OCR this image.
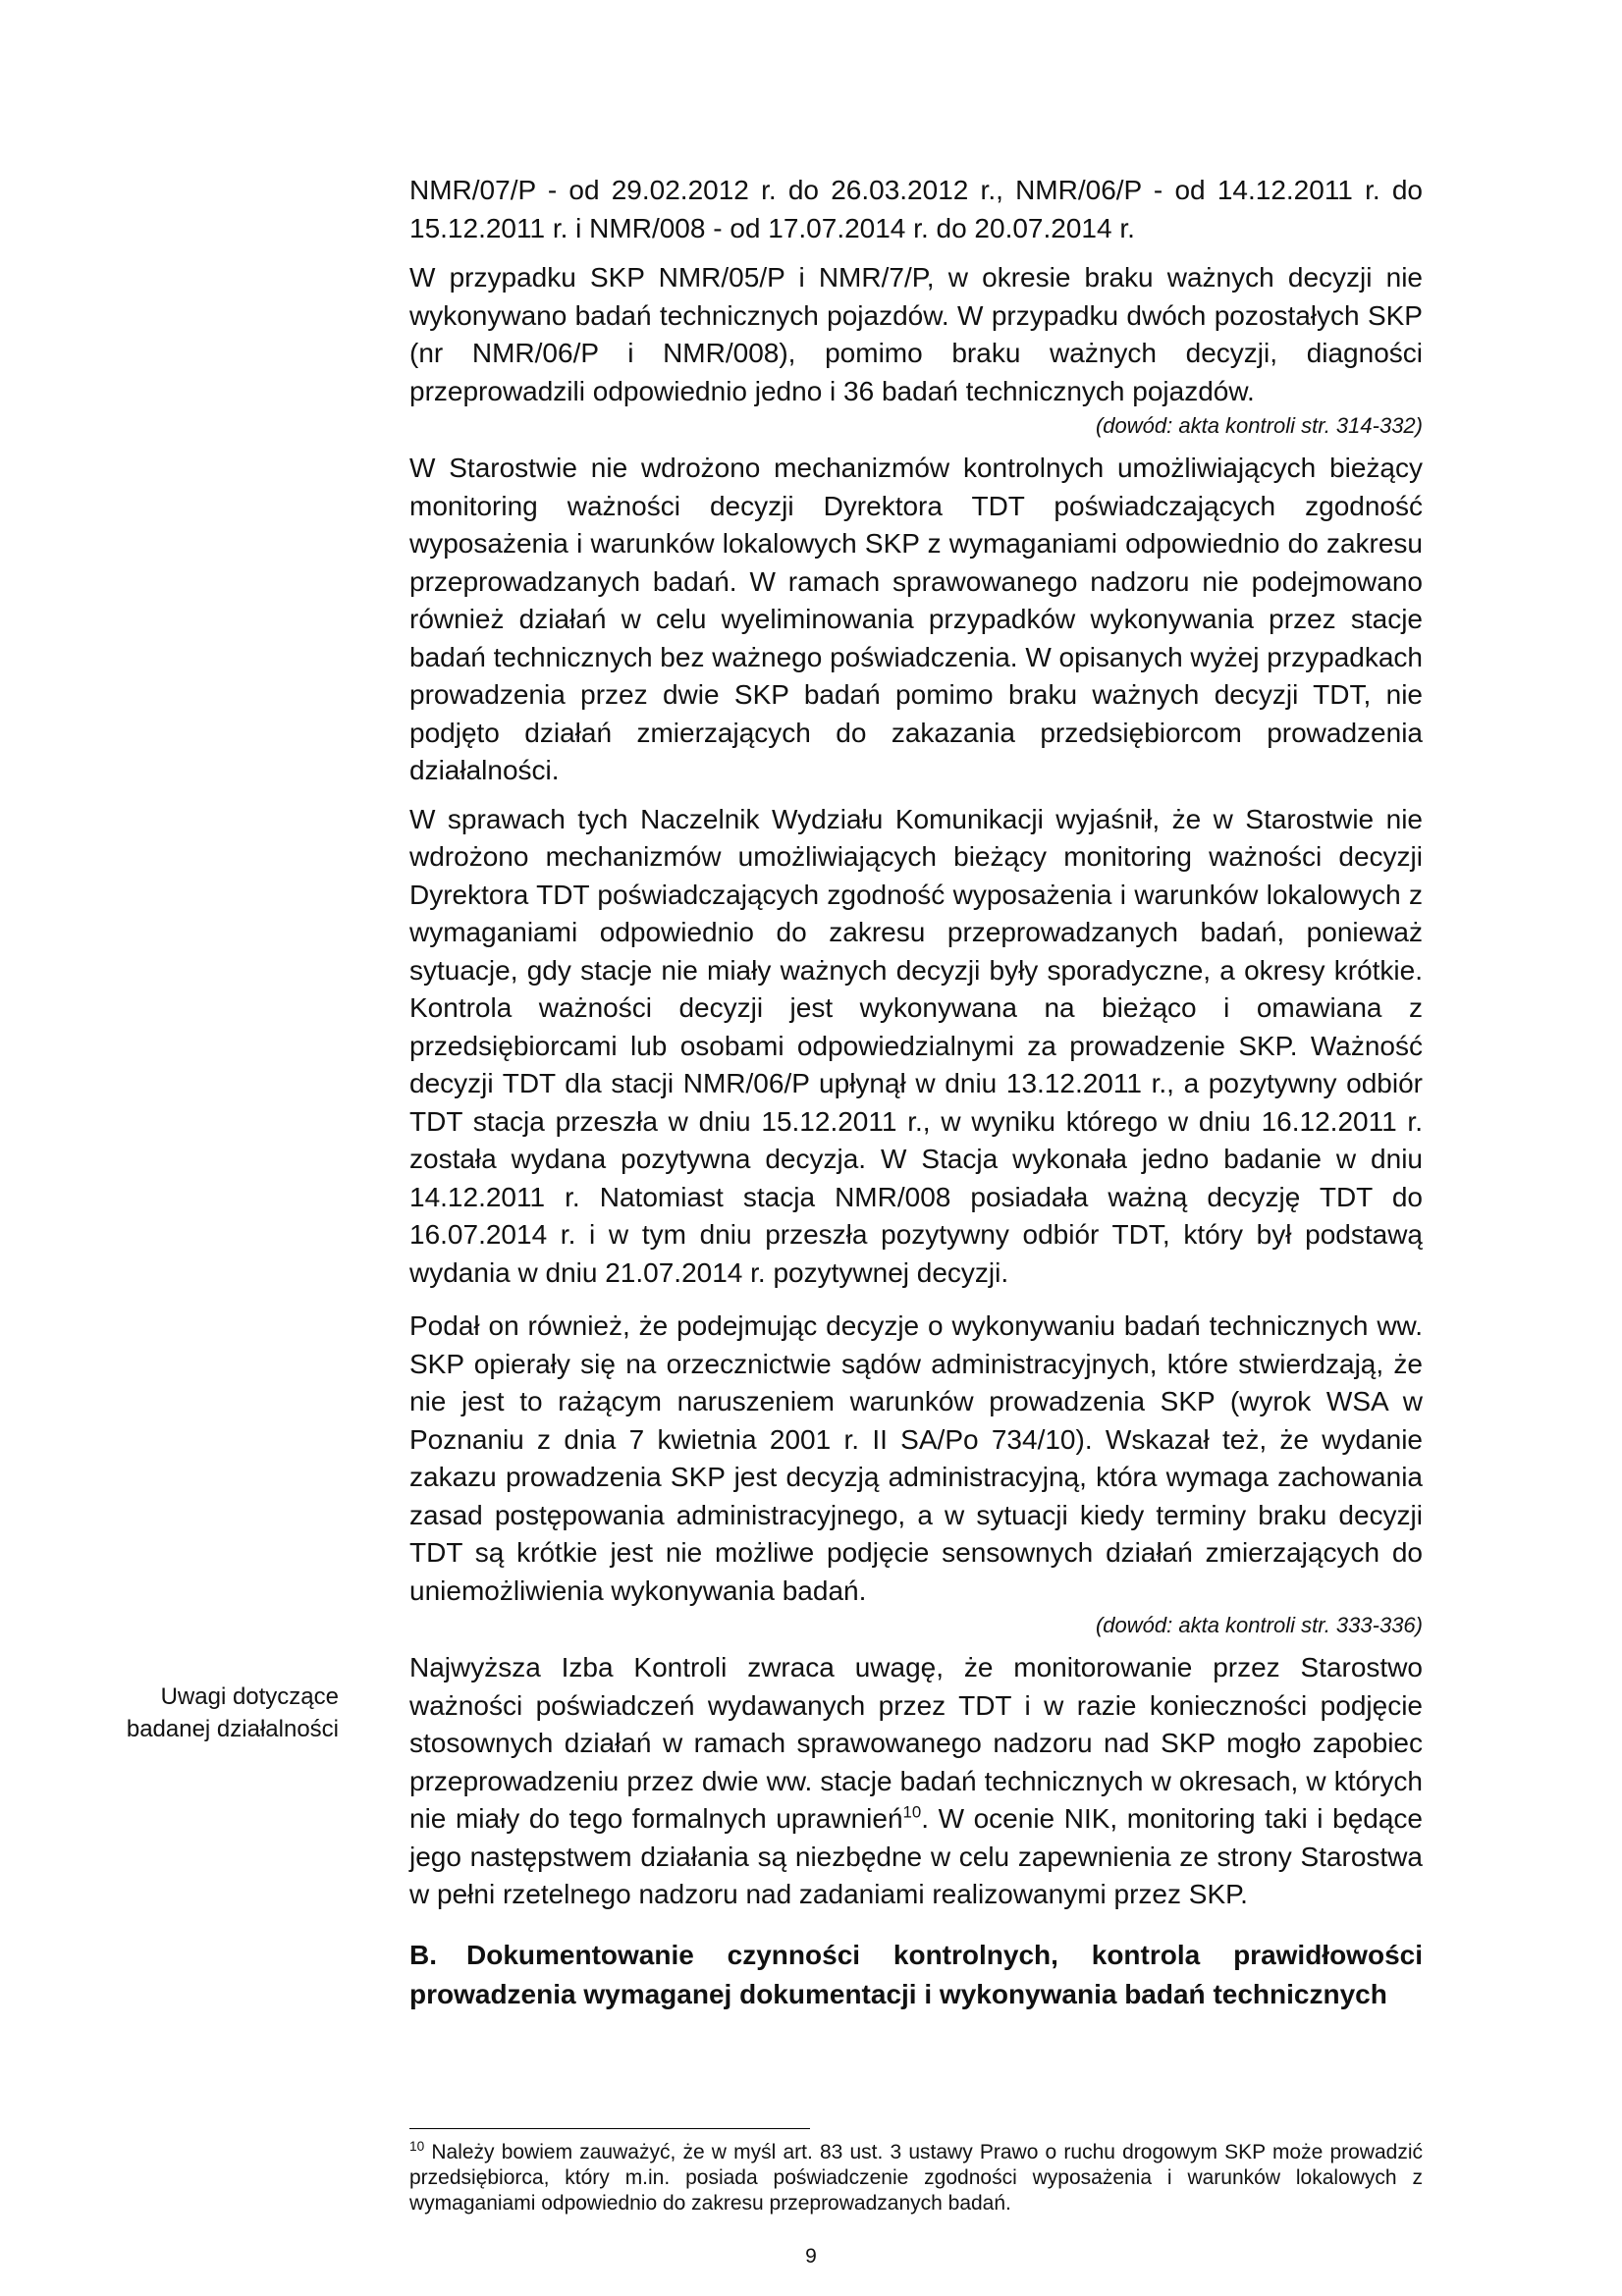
NMR/07/P - od 29.02.2012 r. do 26.03.2012 r., NMR/06/P - od 14.12.2011 r. do 15.12.2011 r. i NMR/008 - od 17.07.2014 r. do 20.07.2014 r.

W przypadku SKP NMR/05/P i NMR/7/P, w okresie braku ważnych decyzji nie wykonywano badań technicznych pojazdów. W przypadku dwóch pozostałych SKP (nr NMR/06/P i NMR/008), pomimo braku ważnych decyzji, diagności przeprowadzili odpowiednio jedno i 36 badań technicznych pojazdów.

(dowód: akta kontroli str. 314-332)

W Starostwie nie wdrożono mechanizmów kontrolnych umożliwiających bieżący monitoring ważności decyzji Dyrektora TDT poświadczających zgodność wyposażenia i warunków lokalowych SKP z wymaganiami odpowiednio do zakresu przeprowadzanych badań. W ramach sprawowanego nadzoru nie podejmowano również działań w celu wyeliminowania przypadków wykonywania przez stacje badań technicznych bez ważnego poświadczenia. W opisanych wyżej przypadkach prowadzenia przez dwie SKP badań pomimo braku ważnych decyzji TDT, nie podjęto działań zmierzających do zakazania przedsiębiorcom prowadzenia działalności.

W sprawach tych Naczelnik Wydziału Komunikacji wyjaśnił, że w Starostwie nie wdrożono mechanizmów umożliwiających bieżący monitoring ważności decyzji Dyrektora TDT poświadczających zgodność wyposażenia i warunków lokalowych z wymaganiami odpowiednio do zakresu przeprowadzanych badań, ponieważ sytuacje, gdy stacje nie miały ważnych decyzji były sporadyczne, a okresy krótkie. Kontrola ważności decyzji jest wykonywana na bieżąco i omawiana z przedsiębiorcami lub osobami odpowiedzialnymi za prowadzenie SKP. Ważność decyzji TDT dla stacji NMR/06/P upłynął w dniu 13.12.2011 r., a pozytywny odbiór TDT stacja przeszła w dniu 15.12.2011 r., w wyniku którego w dniu 16.12.2011 r. została wydana pozytywna decyzja. W Stacja wykonała jedno badanie w dniu 14.12.2011 r. Natomiast stacja NMR/008 posiadała ważną decyzję TDT do 16.07.2014 r. i w tym dniu przeszła pozytywny odbiór TDT, który był podstawą wydania w dniu 21.07.2014 r. pozytywnej decyzji.

Podał on również, że podejmując decyzje o wykonywaniu badań technicznych ww. SKP opierały się na orzecznictwie sądów administracyjnych, które stwierdzają, że nie jest to rażącym naruszeniem warunków prowadzenia SKP (wyrok WSA w Poznaniu z dnia 7 kwietnia 2001 r. II SA/Po 734/10). Wskazał też, że wydanie zakazu prowadzenia SKP jest decyzją administracyjną, która wymaga zachowania zasad postępowania administracyjnego, a w sytuacji kiedy terminy braku decyzji TDT są krótkie jest nie możliwe podjęcie sensownych działań zmierzających do uniemożliwienia wykonywania badań.

(dowód: akta kontroli str. 333-336)

Najwyższa Izba Kontroli zwraca uwagę, że monitorowanie przez Starostwo ważności poświadczeń wydawanych przez TDT i w razie konieczności podjęcie stosownych działań w ramach sprawowanego nadzoru nad SKP mogło zapobiec przeprowadzeniu przez dwie ww. stacje badań technicznych w okresach, w których nie miały do tego formalnych uprawnień$^{10}$. W ocenie NIK, monitoring taki i będące jego następstwem działania są niezbędne w celu zapewnienia ze strony Starostwa w pełni rzetelnego nadzoru nad zadaniami realizowanymi przez SKP.

B. Dokumentowanie czynności kontrolnych, kontrola prawidłowości prowadzenia wymaganej dokumentacji i wykonywania badań technicznych
Uwagi dotyczące
badanej działalności
$^{10}$ Należy bowiem zauważyć, że w myśl art. 83 ust. 3 ustawy Prawo o ruchu drogowym SKP może prowadzić przedsiębiorca, który m.in. posiada poświadczenie zgodności wyposażenia i warunków lokalowych z wymaganiami odpowiednio do zakresu przeprowadzanych badań.
9
